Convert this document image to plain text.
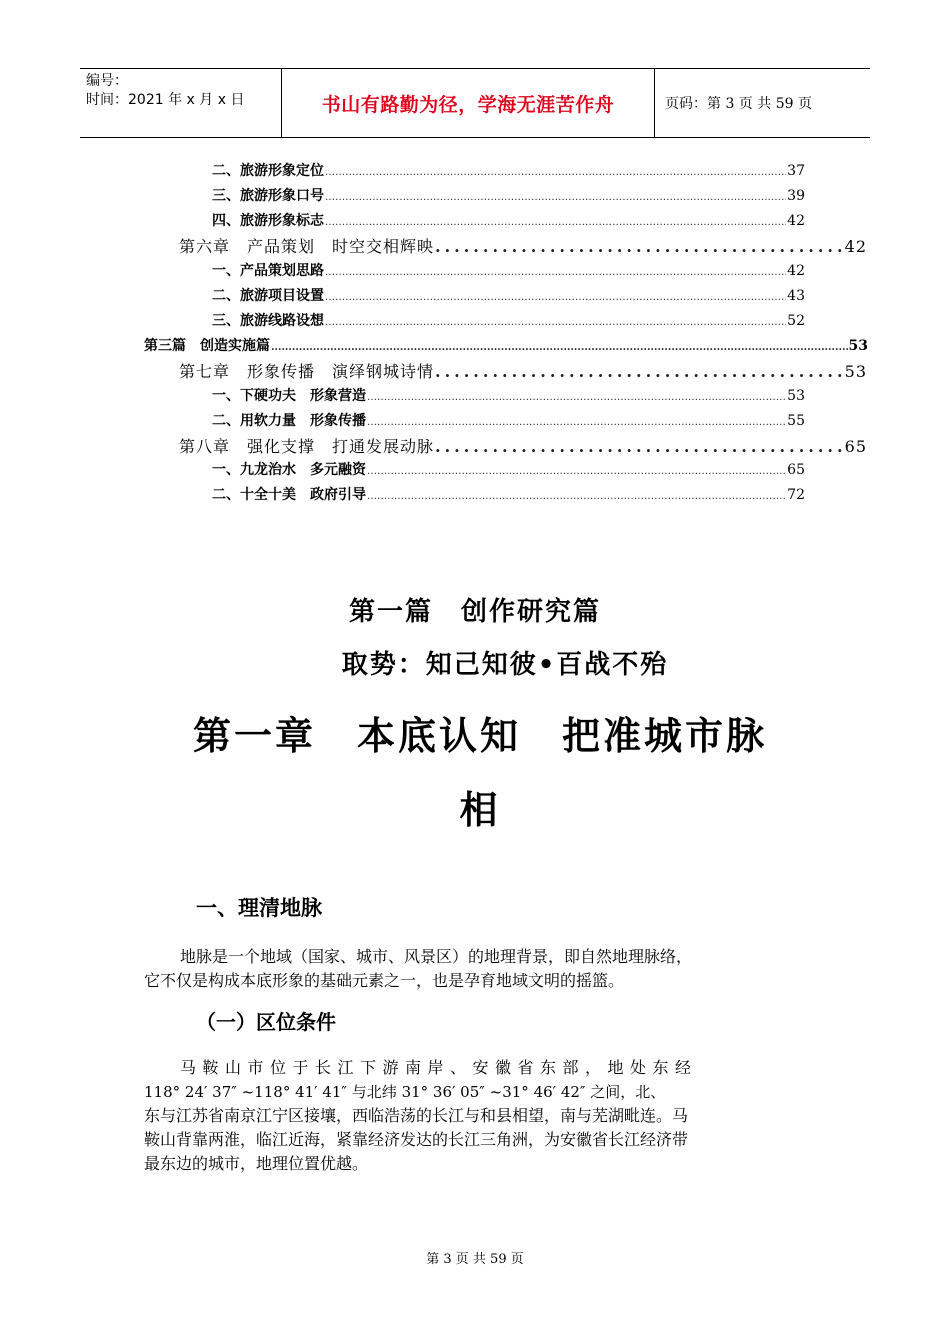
编号：
时间：2021 年 x 月 x 日	书山有路勤为径，学海无涯苦作舟	页码：第 3 页 共 59 页
二、旅游形象定位 .....	37
三、旅游形象口号 .....	39
四、旅游形象标志 .....	42
第六章　产品策划　时空交相辉映 .....	42
一、产品策划思路 .....	42
二、旅游项目设置 .....	43
三、旅游线路设想 .....	52
第三篇　创造实施篇 .....	53
第七章　形象传播　演绎钢城诗情 .....	53
一、下硬功夫　形象营造 .....	53
二、用软力量　形象传播 .....	55
第八章　强化支撑　打通发展动脉 .....	65
一、九龙治水　多元融资 .....	65
二、十全十美　政府引导 .....	72
第一篇　创作研究篇
取势：知己知彼•百战不殆
第一章　本底认知　把准城市脉
相
一、理清地脉
地脉是一个地域（国家、城市、风景区）的地理背景，即自然地理脉络，
它不仅是构成本底形象的基础元素之一，也是孕育地域文明的摇篮。
（一）区位条件
马鞍山市位于长江下游南岸、安徽省东部，地处东经
118° 24′ 37″ ~118° 41′ 41″ 与北纬 31° 36′ 05″ ~31° 46′ 42″ 之间，北、
东与江苏省南京江宁区接壤，西临浩荡的长江与和县相望，南与芜湖毗连。马
鞍山背靠两淮，临江近海，紧靠经济发达的长江三角洲，为安徽省长江经济带
最东边的城市，地理位置优越。
第 3 页 共 59 页
